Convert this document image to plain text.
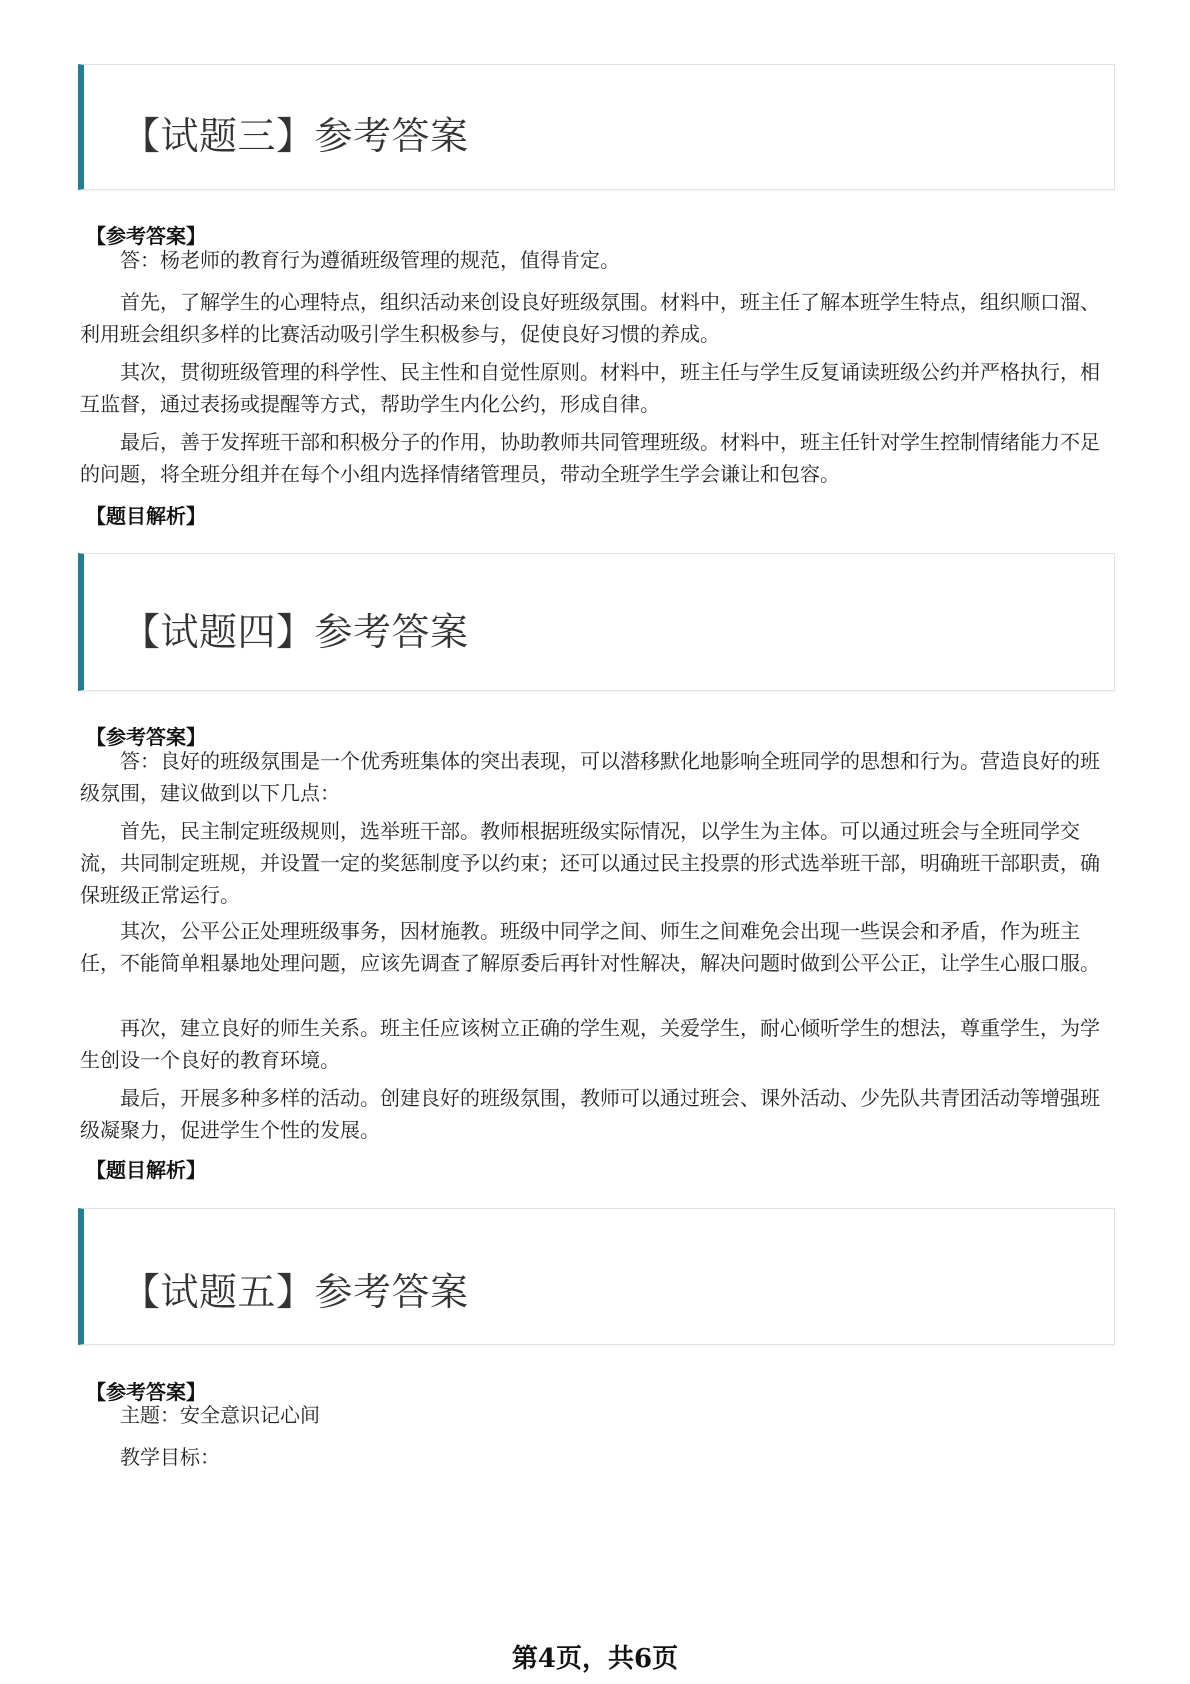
【试题三】参考答案
【参考答案】

答：杨老师的教育行为遵循班级管理的规范，值得肯定。

首先，了解学生的心理特点，组织活动来创设良好班级氛围。材料中，班主任了解本班学生特点，组织顺口溜、利用班会组织多样的比赛活动吸引学生积极参与，促使良好习惯的养成。

其次，贯彻班级管理的科学性、民主性和自觉性原则。材料中，班主任与学生反复诵读班级公约并严格执行，相互监督，通过表扬或提醒等方式，帮助学生内化公约，形成自律。

最后，善于发挥班干部和积极分子的作用，协助教师共同管理班级。材料中，班主任针对学生控制情绪能力不足的问题，将全班分组并在每个小组内选择情绪管理员，带动全班学生学会谦让和包容。

【题目解析】
【试题四】参考答案
【参考答案】

答：良好的班级氛围是一个优秀班集体的突出表现，可以潜移默化地影响全班同学的思想和行为。营造良好的班级氛围，建议做到以下几点：

首先，民主制定班级规则，选举班干部。教师根据班级实际情况，以学生为主体。可以通过班会与全班同学交流，共同制定班规，并设置一定的奖惩制度予以约束；还可以通过民主投票的形式选举班干部，明确班干部职责，确保班级正常运行。

其次，公平公正处理班级事务，因材施教。班级中同学之间、师生之间难免会出现一些误会和矛盾，作为班主任，不能简单粗暴地处理问题，应该先调查了解原委后再针对性解决，解决问题时做到公平公正，让学生心服口服。

再次，建立良好的师生关系。班主任应该树立正确的学生观，关爱学生，耐心倾听学生的想法，尊重学生，为学生创设一个良好的教育环境。

最后，开展多种多样的活动。创建良好的班级氛围，教师可以通过班会、课外活动、少先队共青团活动等增强班级凝聚力，促进学生个性的发展。

【题目解析】
【试题五】参考答案
【参考答案】

主题：安全意识记心间

教学目标：

第4页，共6页
